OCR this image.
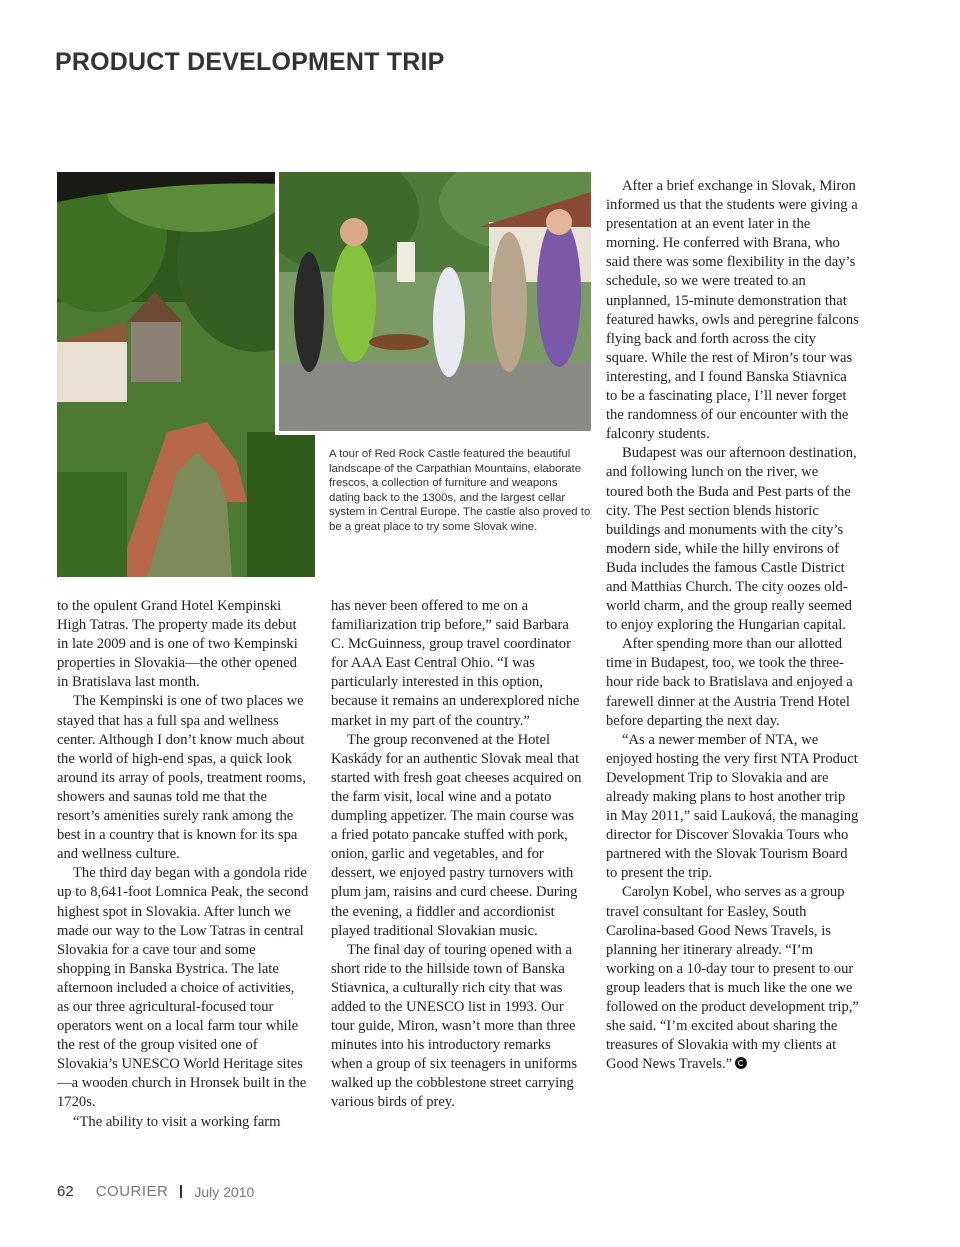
PRODUCT DEVELOPMENT TRIP
A tour of Red Rock Castle featured the beautiful landscape of the Carpathian Mountains, elaborate frescos, a collection of furniture and weapons dating back to the 1300s, and the largest cellar system in Central Europe. The castle also proved to be a great place to try some Slovak wine.

to the opulent Grand Hotel Kempinski High Tatras. The property made its debut in late 2009 and is one of two Kempinski properties in Slovakia—the other opened in Bratislava last month.

The Kempinski is one of two places we stayed that has a full spa and wellness center. Although I don’t know much about the world of high-end spas, a quick look around its array of pools, treatment rooms, showers and saunas told me that the resort’s amenities surely rank among the best in a country that is known for its spa and wellness culture.

The third day began with a gondola ride up to 8,641-foot Lomnica Peak, the second highest spot in Slovakia. After lunch we made our way to the Low Tatras in central Slovakia for a cave tour and some shopping in Banska Bystrica. The late afternoon included a choice of activities, as our three agricultural-focused tour operators went on a local farm tour while the rest of the group visited one of Slovakia’s UNESCO World Heritage sites—a wooden church in Hronsek built in the 1720s.

“The ability to visit a working farm

has never been offered to me on a familiarization trip before,” said Barbara C. McGuinness, group travel coordinator for AAA East Central Ohio. “I was particularly interested in this option, because it remains an underexplored niche market in my part of the country.”

The group reconvened at the Hotel Kaskády for an authentic Slovak meal that started with fresh goat cheeses acquired on the farm visit, local wine and a potato dumpling appetizer. The main course was a fried potato pancake stuffed with pork, onion, garlic and vegetables, and for dessert, we enjoyed pastry turnovers with plum jam, raisins and curd cheese. During the evening, a fiddler and accordionist played traditional Slovakian music.

The final day of touring opened with a short ride to the hillside town of Banska Stiavnica, a culturally rich city that was added to the UNESCO list in 1993. Our tour guide, Miron, wasn’t more than three minutes into his introductory remarks when a group of six teenagers in uniforms walked up the cobblestone street carrying various birds of prey.

After a brief exchange in Slovak, Miron informed us that the students were giving a presentation at an event later in the morning. He conferred with Brana, who said there was some flexibility in the day’s schedule, so we were treated to an unplanned, 15-minute demonstration that featured hawks, owls and peregrine falcons flying back and forth across the city square. While the rest of Miron’s tour was interesting, and I found Banska Stiavnica to be a fascinating place, I’ll never forget the randomness of our encounter with the falconry students.

Budapest was our afternoon destination, and following lunch on the river, we toured both the Buda and Pest parts of the city. The Pest section blends historic buildings and monuments with the city’s modern side, while the hilly environs of Buda includes the famous Castle District and Matthias Church. The city oozes old-world charm, and the group really seemed to enjoy exploring the Hungarian capital.

After spending more than our allotted time in Budapest, too, we took the three-hour ride back to Bratislava and enjoyed a farewell dinner at the Austria Trend Hotel before departing the next day.

“As a newer member of NTA, we enjoyed hosting the very first NTA Product Development Trip to Slovakia and are already making plans to host another trip in May 2011,” said Lauková, the managing director for Discover Slovakia Tours who partnered with the Slovak Tourism Board to present the trip.

Carolyn Kobel, who serves as a group travel consultant for Easley, South Carolina-based Good News Travels, is planning her itinerary already. “I’m working on a 10-day tour to present to our group leaders that is much like the one we followed on the product development trip,” she said. “I’m excited about sharing the treasures of Slovakia with my clients at Good News Travels.”

62 COURIER July 2010
